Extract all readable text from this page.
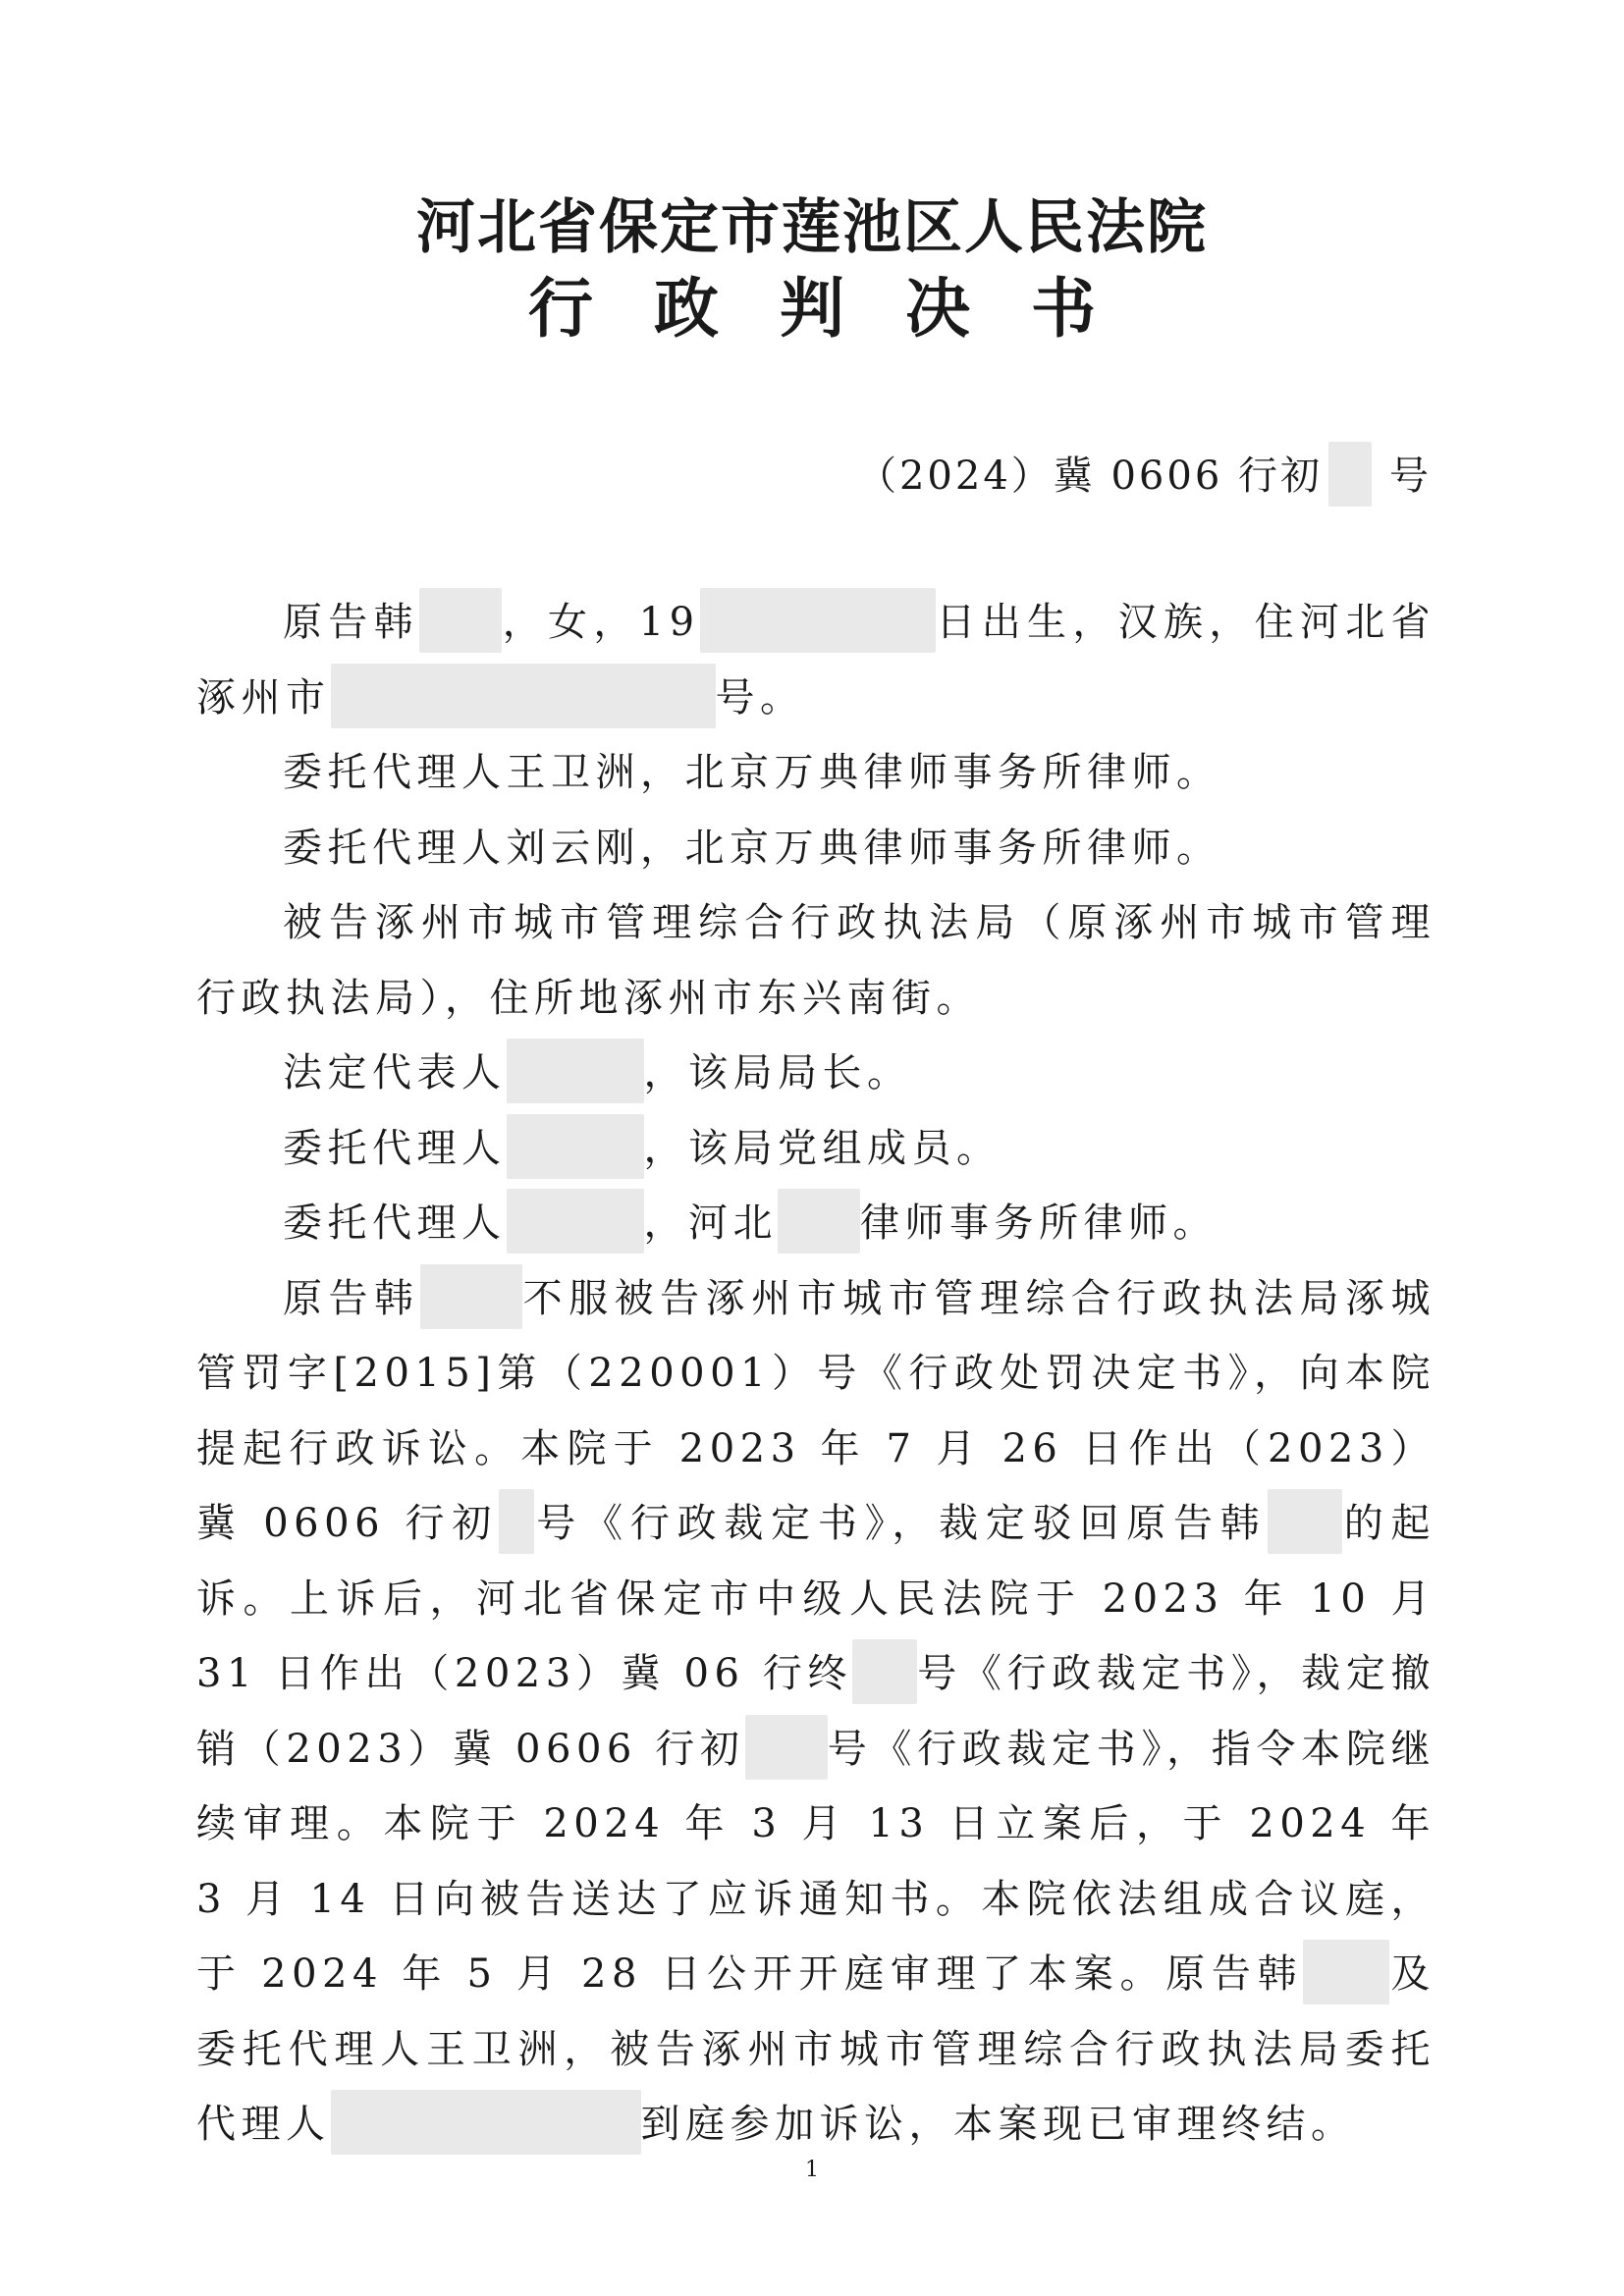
河北省保定市莲池区人民法院
行政判决书
（2024）冀 0606 行初 号

原告韩 ，女，19	日出生，汉族，住河北省涿州市	号。

委托代理人王卫洲，北京万典律师事务所律师。

委托代理人刘云刚，北京万典律师事务所律师。

被告涿州市城市管理综合行政执法局（原涿州市城市管理行政执法局），住所地涿州市东兴南街。

法定代表人	，该局局长。

委托代理人	，该局党组成员。

委托代理人	，河北 律师事务所律师。

原告韩	不服被告涿州市城市管理综合行政执法局涿城管罚字[2015]第（220001）号《行政处罚决定书》，向本院提起行政诉讼。本院于 2023 年 7 月 26 日作出（2023）冀 0606 行初 号《行政裁定书》，裁定驳回原告韩 的起诉。上诉后，河北省保定市中级人民法院于 2023 年 10 月 31 日作出（2023）冀 06 行终 号《行政裁定书》，裁定撤销（2023）冀 0606 行初 号《行政裁定书》，指令本院继续审理。本院于 2024 年 3 月 13 日立案后，于 2024 年 3 月 14 日向被告送达了应诉通知书。本院依法组成合议庭，于 2024 年 5 月 28 日公开开庭审理了本案。原告韩 及委托代理人王卫洲，被告涿州市城市管理综合行政执法局委托代理人	到庭参加诉讼，本案现已审理终结。

1
